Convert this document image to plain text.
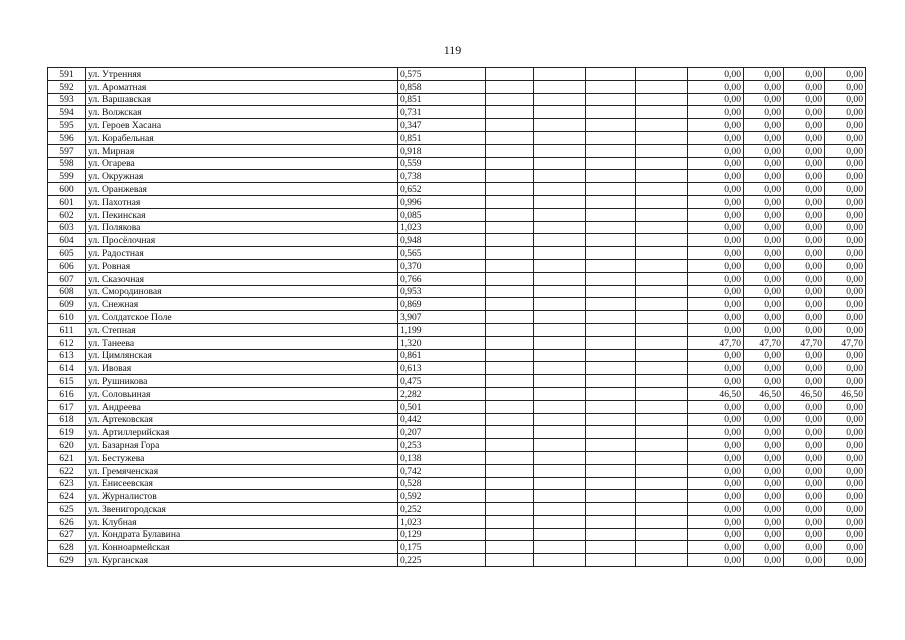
119
591	ул. Утренняя	0,575					0,00	0,00	0,00	0,00
592	ул. Ароматная	0,858					0,00	0,00	0,00	0,00
593	ул. Варшавская	0,851					0,00	0,00	0,00	0,00
594	ул. Волжская	0,731					0,00	0,00	0,00	0,00
595	ул. Героев Хасана	0,347					0,00	0,00	0,00	0,00
596	ул. Корабельная	0,851					0,00	0,00	0,00	0,00
597	ул. Мирная	0,918					0,00	0,00	0,00	0,00
598	ул. Огарева	0,559					0,00	0,00	0,00	0,00
599	ул. Окружная	0,738					0,00	0,00	0,00	0,00
600	ул. Оранжевая	0,652					0,00	0,00	0,00	0,00
601	ул. Пахотная	0,996					0,00	0,00	0,00	0,00
602	ул. Пекинская	0,085					0,00	0,00	0,00	0,00
603	ул. Полякова	1,023					0,00	0,00	0,00	0,00
604	ул. Просёлочная	0,948					0,00	0,00	0,00	0,00
605	ул. Радостная	0,565					0,00	0,00	0,00	0,00
606	ул. Ровная	0,370					0,00	0,00	0,00	0,00
607	ул. Сказочная	0,766					0,00	0,00	0,00	0,00
608	ул. Смородиновая	0,953					0,00	0,00	0,00	0,00
609	ул. Снежная	0,869					0,00	0,00	0,00	0,00
610	ул. Солдатское Поле	3,907					0,00	0,00	0,00	0,00
611	ул. Степная	1,199					0,00	0,00	0,00	0,00
612	ул. Танеева	1,320					47,70	47,70	47,70	47,70
613	ул. Цимлянская	0,861					0,00	0,00	0,00	0,00
614	ул. Ивовая	0,613					0,00	0,00	0,00	0,00
615	ул. Рушникова	0,475					0,00	0,00	0,00	0,00
616	ул. Соловьиная	2,282					46,50	46,50	46,50	46,50
617	ул. Андреева	0,501					0,00	0,00	0,00	0,00
618	ул. Артековская	0,442					0,00	0,00	0,00	0,00
619	ул. Артиллерийская	0,207					0,00	0,00	0,00	0,00
620	ул. Базарная Гора	0,253					0,00	0,00	0,00	0,00
621	ул. Бестужева	0,138					0,00	0,00	0,00	0,00
622	ул. Гремяченская	0,742					0,00	0,00	0,00	0,00
623	ул. Енисеевская	0,528					0,00	0,00	0,00	0,00
624	ул. Журналистов	0,592					0,00	0,00	0,00	0,00
625	ул. Звенигородская	0,252					0,00	0,00	0,00	0,00
626	ул. Клубная	1,023					0,00	0,00	0,00	0,00
627	ул. Кондрата Булавина	0,129					0,00	0,00	0,00	0,00
628	ул. Конноармейская	0,175					0,00	0,00	0,00	0,00
629	ул. Курганская	0,225					0,00	0,00	0,00	0,00
